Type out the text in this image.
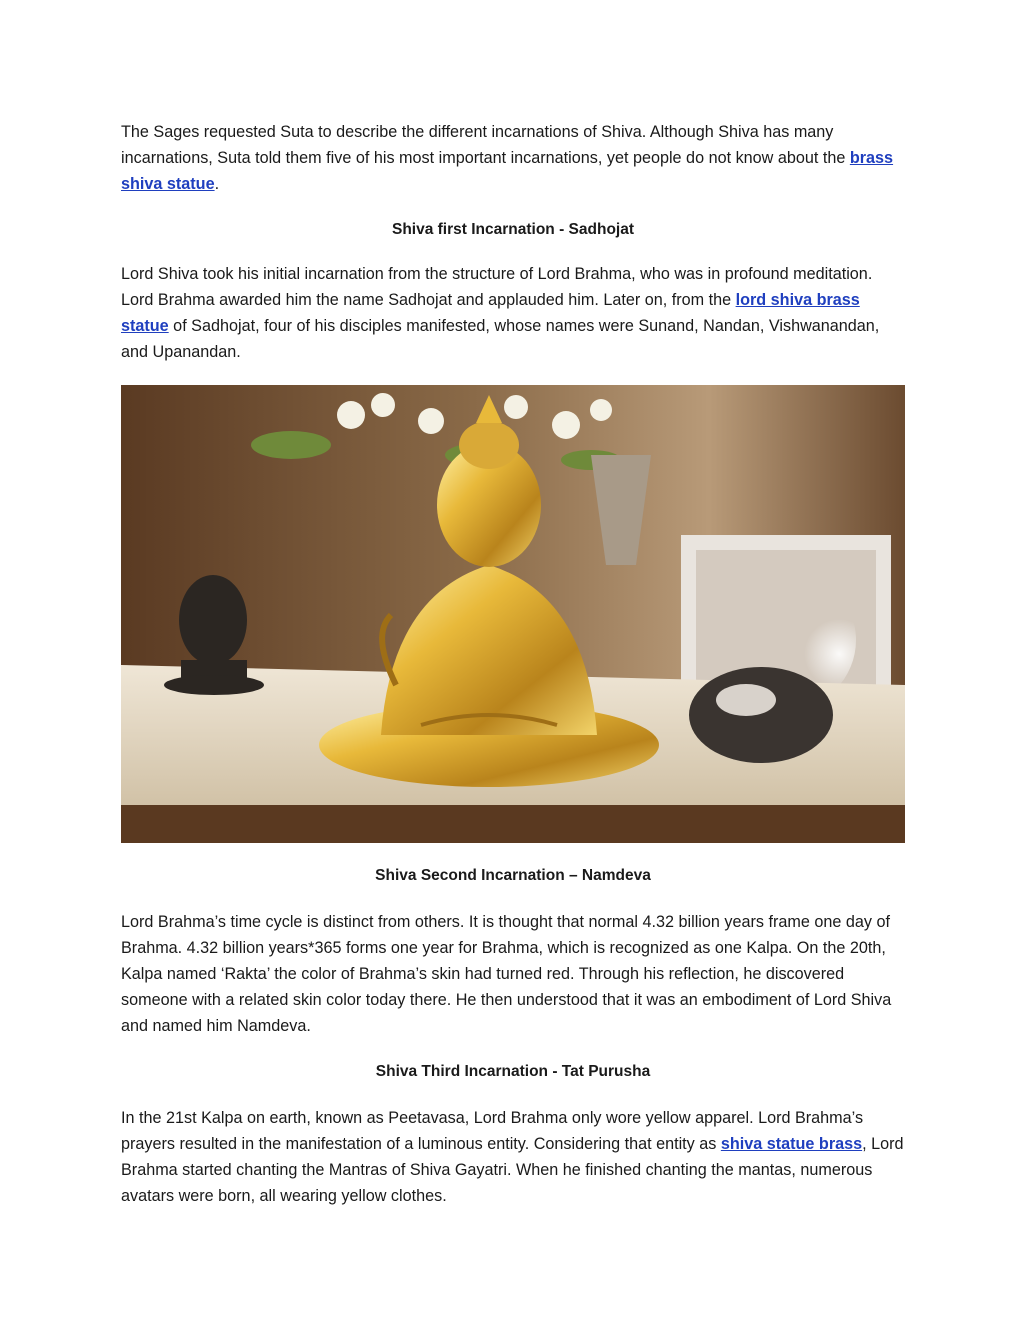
The Sages requested Suta to describe the different incarnations of Shiva. Although Shiva has many incarnations, Suta told them five of his most important incarnations, yet people do not know about the brass shiva statue.

Shiva first Incarnation - Sadhojat

Lord Shiva took his initial incarnation from the structure of Lord Brahma, who was in profound meditation. Lord Brahma awarded him the name Sadhojat and applauded him. Later on, from the lord shiva brass statue of Sadhojat, four of his disciples manifested, whose names were Sunand, Nandan, Vishwanandan, and Upanandan.

Shiva Second Incarnation – Namdeva

Lord Brahma’s time cycle is distinct from others. It is thought that normal 4.32 billion years frame one day of Brahma. 4.32 billion years*365 forms one year for Brahma, which is recognized as one Kalpa. On the 20th, Kalpa named ‘Rakta’ the color of Brahma’s skin had turned red. Through his reflection, he discovered someone with a related skin color today there. He then understood that it was an embodiment of Lord Shiva and named him Namdeva.

Shiva Third Incarnation - Tat Purusha

In the 21st Kalpa on earth, known as Peetavasa, Lord Brahma only wore yellow apparel. Lord Brahma’s prayers resulted in the manifestation of a luminous entity. Considering that entity as shiva statue brass, Lord Brahma started chanting the Mantras of Shiva Gayatri. When he finished chanting the mantas, numerous avatars were born, all wearing yellow clothes.
